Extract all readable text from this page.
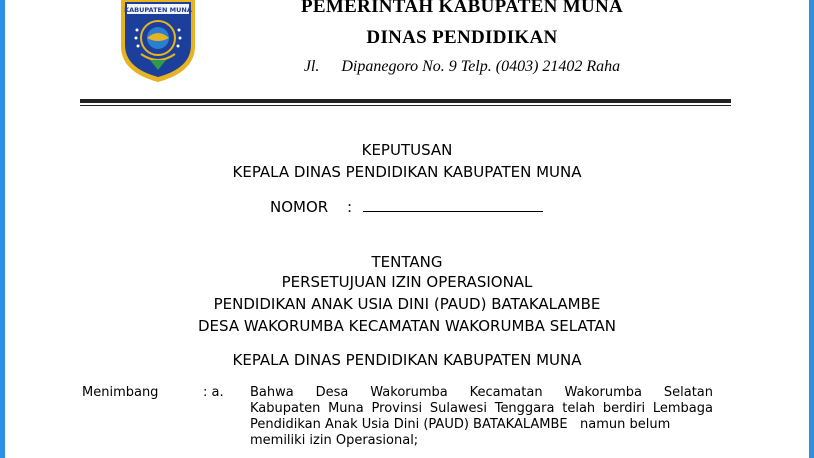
KABUPATEN MUNA	PEMERINTAH KABUPATEN MUNA
DINAS PENDIDIKAN
Jl. Dipanegoro No. 9 Telp. (0403) 21402 Raha
KEPUTUSAN
KEPALA DINAS PENDIDIKAN KABUPATEN MUNA
NOMOR :
TENTANG
PERSETUJUAN IZIN OPERASIONAL
PENDIDIKAN ANAK USIA DINI (PAUD) BATAKALAMBE
DESA WAKORUMBA KECAMATAN WAKORUMBA SELATAN
KEPALA DINAS PENDIDIKAN KABUPATEN MUNA
Menimbang	: a. Bahwa Desa Wakorumba Kecamatan Wakorumba Selatan
Kabupaten Muna Provinsi Sulawesi Tenggara telah berdiri Lembaga
Pendidikan Anak Usia Dini (PAUD) BATAKALAMBE   namun belum
memiliki izin Operasional;
